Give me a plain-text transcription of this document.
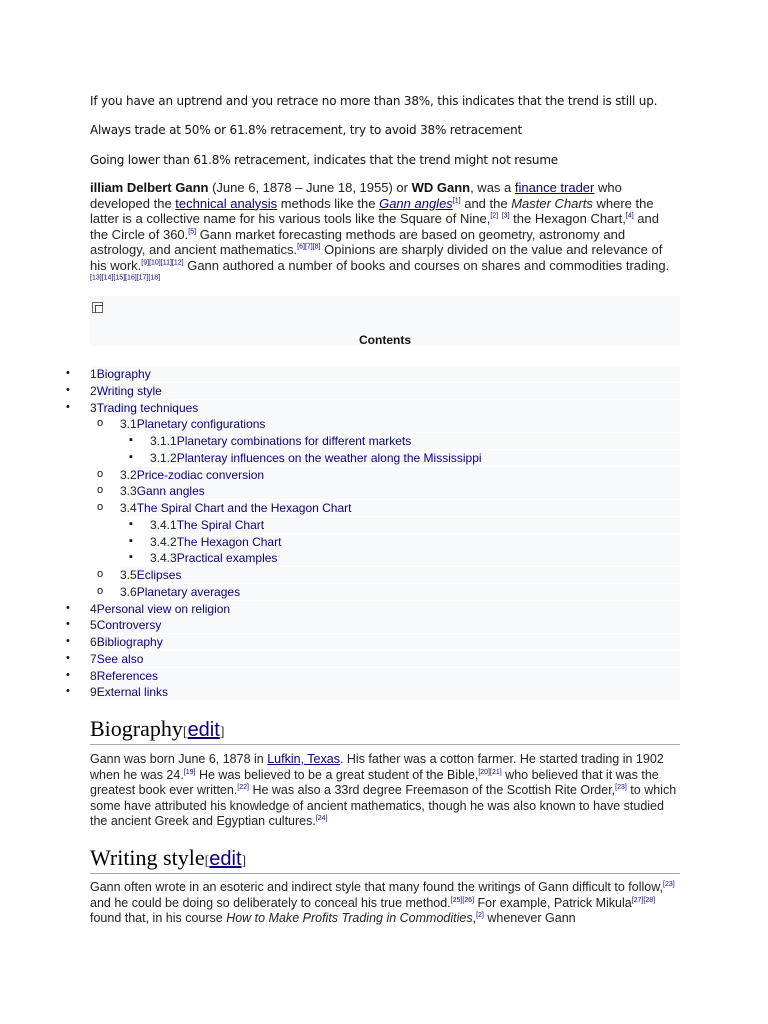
If you have an uptrend and you retrace no more than 38%, this indicates that the trend is still up.
Always trade at 50% or 61.8% retracement, try to avoid 38% retracement
Going lower than 61.8% retracement, indicates that the trend might not resume
illiam Delbert Gann (June 6, 1878 – June 18, 1955) or WD Gann, was a finance trader who developed the technical analysis methods like the Gann angles[1] and the Master Charts where the latter is a collective name for his various tools like the Square of Nine,[2] [3] the Hexagon Chart,[4] and the Circle of 360.[5] Gann market forecasting methods are based on geometry, astronomy and astrology, and ancient mathematics.[6][7][8] Opinions are sharply divided on the value and relevance of his work.[9][10][11][12] Gann authored a number of books and courses on shares and commodities trading.[13][14][15][16][17][18]
Contents
• 1Biography
• 2Writing style
• 3Trading techniques
o 3.1Planetary configurations
▪ 3.1.1Planetary combinations for different markets
▪ 3.1.2Planteray influences on the weather along the Mississippi
o 3.2Price-zodiac conversion
o 3.3Gann angles
o 3.4The Spiral Chart and the Hexagon Chart
▪ 3.4.1The Spiral Chart
▪ 3.4.2The Hexagon Chart
▪ 3.4.3Practical examples
o 3.5Eclipses
o 3.6Planetary averages
• 4Personal view on religion
• 5Controversy
• 6Bibliography
• 7See also
• 8References
• 9External links
Biography[edit]
Gann was born June 6, 1878 in Lufkin, Texas. His father was a cotton farmer. He started trading in 1902 when he was 24.[19] He was believed to be a great student of the Bible,[20][21] who believed that it was the greatest book ever written.[22] He was also a 33rd degree Freemason of the Scottish Rite Order,[23] to which some have attributed his knowledge of ancient mathematics, though he was also known to have studied the ancient Greek and Egyptian cultures.[24]
Writing style[edit]
Gann often wrote in an esoteric and indirect style that many found the writings of Gann difficult to follow,[23] and he could be doing so deliberately to conceal his true method.[25][26] For example, Patrick Mikula[27][28] found that, in his course How to Make Profits Trading in Commodities,[2] whenever Gann
